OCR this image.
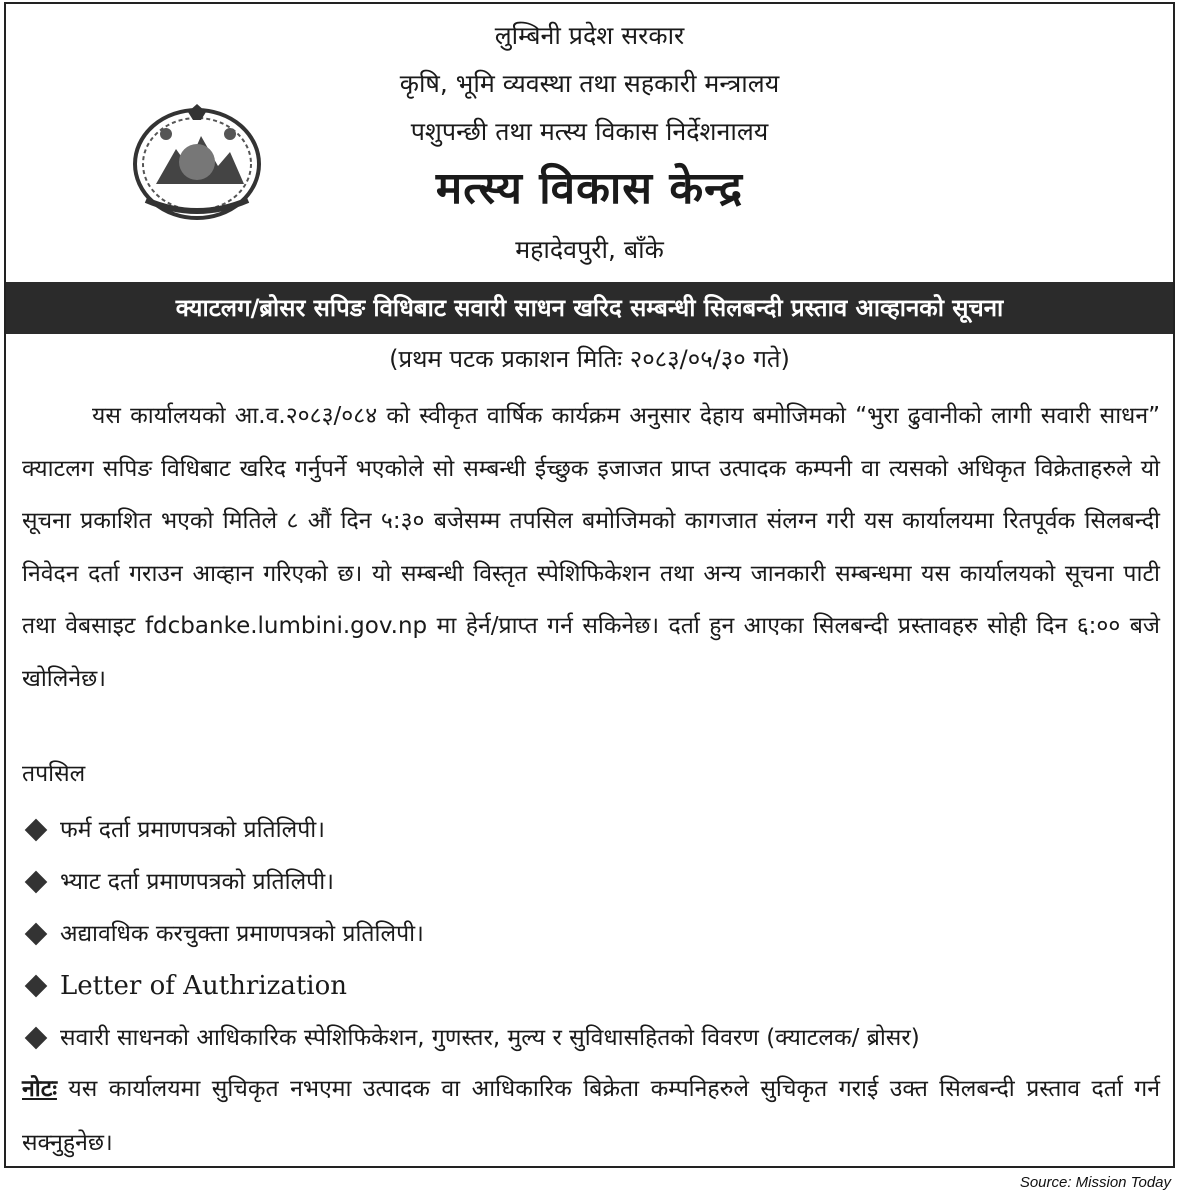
लुम्बिनी प्रदेश सरकार
कृषि, भूमि व्यवस्था तथा सहकारी मन्त्रालय
पशुपन्छी तथा मत्स्य विकास निर्देशनालय
मत्स्य विकास केन्द्र
महादेवपुरी, बाँके
क्याटलग/ब्रोसर सपिङ विधिबाट सवारी साधन खरिद सम्बन्धी सिलबन्दी प्रस्ताव आव्हानको सूचना
(प्रथम पटक प्रकाशन मितिः २०८३/०५/३० गते)

यस कार्यालयको आ.व.२०८३/०८४ को स्वीकृत वार्षिक कार्यक्रम अनुसार देहाय बमोजिमको “भुरा ढुवानीको लागी सवारी साधन” क्याटलग सपिङ विधिबाट खरिद गर्नुपर्ने भएकोले सो सम्बन्धी ईच्छुक इजाजत प्राप्त उत्पादक कम्पनी वा त्यसको अधिकृत विक्रेताहरुले यो सूचना प्रकाशित भएको मितिले ८ औं दिन ५:३० बजेसम्म तपसिल बमोजिमको कागजात संलग्न गरी यस कार्यालयमा रितपूर्वक सिलबन्दी निवेदन दर्ता गराउन आव्हान गरिएको छ। यो सम्बन्धी विस्तृत स्पेशिफिकेशन तथा अन्य जानकारी सम्बन्धमा यस कार्यालयको सूचना पाटी तथा वेबसाइट fdcbanke.lumbini.gov.np मा हेर्न/प्राप्त गर्न सकिनेछ। दर्ता हुन आएका सिलबन्दी प्रस्तावहरु सोही दिन ६:०० बजे खोलिनेछ।

तपसिल
फर्म दर्ता प्रमाणपत्रको प्रतिलिपी।
भ्याट दर्ता प्रमाणपत्रको प्रतिलिपी।
अद्यावधिक करचुक्ता प्रमाणपत्रको प्रतिलिपी।
Letter of Authrization
सवारी साधनको आधिकारिक स्पेशिफिकेशन, गुणस्तर, मुल्य र सुविधासहितको विवरण (क्याटलक/ ब्रोसर)
नोटः यस कार्यालयमा सुचिकृत नभएमा उत्पादक वा आधिकारिक बिक्रेता कम्पनिहरुले सुचिकृत गराई उक्त सिलबन्दी प्रस्ताव दर्ता गर्न सक्नुहुनेछ।
Source: Mission Today
